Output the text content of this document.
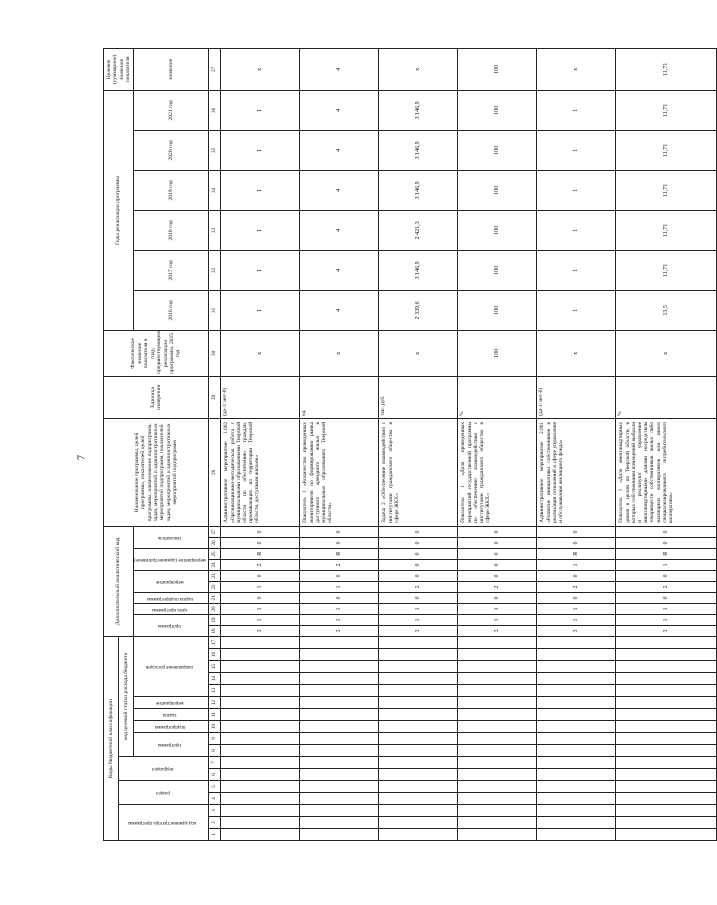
7
Коды бюджетной классификации																	Дополнительный аналитический код										Наименование программы, целей программы, показателей целей программы, наименование подпрограмм, задач, мероприятий и административных мероприятий подпрограмм, показателей задач, мероприятий и административных мероприятий подпрограмм	Единица измерения	Фактическое значение показателя в году, предшествующем реализации программы, 2015 год	Годы реализации программы						Целевое (суммарное) значение показателя
код администратора программы			раздел		подраздел		код целевой статьи расхода бюджета																													
							программа		подпрограмма	задача	мероприятие	направление расходов					программа		цель программы	задача подпрограммы	мероприятие		мероприятие (административное)		показатель					2016 год	2017 год	2018 год	2019 год	2020 год	2021 год	значение
1	2	3	4	5	6	7	8	9	10	11	12	13	14	15	16	17	18	19	20	21	22	23	24	25	26	27	28	29	30	31	32	33	34	35	36	37
																	3	1	1	0	1	0	2	Я	0	0	Административное мероприятие 1.002 «Организационно-методическая работа с муниципальными образованиями Тверской области по обеспечению граждан, проживающих на территории Тверской области, доступным жильем»	(да-1/ нет-0)	х	1	1	1	1	1	1	х
																	3	1	1	0	1	0	2	Я	0	0	Показатель 1 «Количество проведенных мониторингов по формированию рынка доступного арендного жилья в муниципальных образованиях Тверской области»	ед.	х	4	4	4	4	4	4	4
																	3	1	1	0	2	0	0	0	0	0	Задача 2 «Обеспечение взаимодействия с институтами гражданского общества в сфере ЖКХ»	тыс. руб.	х	2 339,6	3 146,9	2 421,3	3 146,9	3 146,9	3 146,9	х
																	3	1	1	0	2	0	0	0	0	0	Показатель 1 «Доля проведенных мероприятий государственной программы по обеспечению взаимодействия с институтами гражданского общества в сфере ЖКХ»	%	100	100	100	100	100	100	100	100
																	3	1	1	0	2	0	1	Я	0	0	Административное мероприятие 2.001 «Развитие инициативы собственников в реализации отношений в сфере управления и обслуживания жилищного фонда»	(да-1/ нет-0)	х	1	1	1	1	1	1	х
																	3	1	1	0	2	0	1	Я	0	0	Показатель 1 «Доля многоквартирных домов в целом по Тверской области, в которых собственники помещений выбрали и реализуют управление многоквартирными домами посредством товариществ собственников жилья либо жилищных кооперативов или иного специализированного потребительского кооператива»	%	х	13,5	11,71	11,71	11,71	11,71	11,71	11,71
